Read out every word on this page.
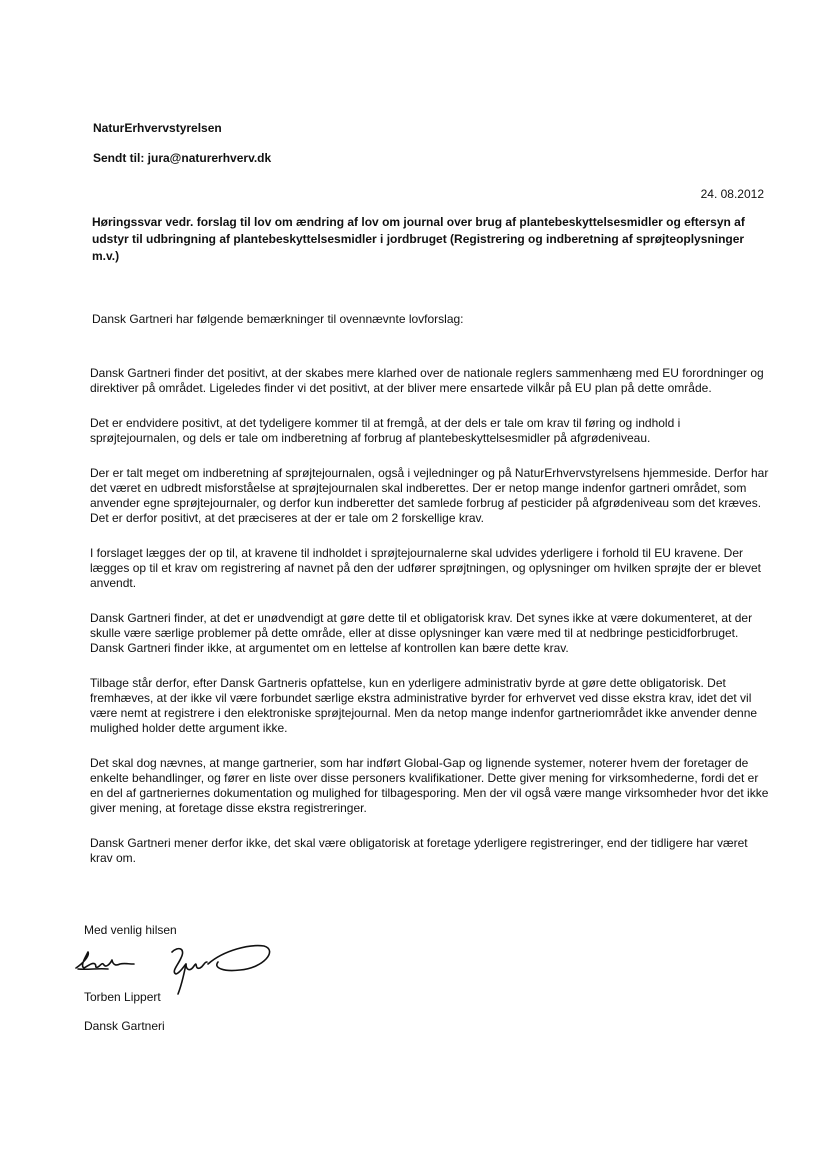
NaturErhvervstyrelsen
Sendt til: jura@naturerhverv.dk
24. 08.2012
Høringssvar vedr. forslag til lov om ændring af lov om journal over brug af plantebeskyttelsesmidler og eftersyn af udstyr til udbringning af plantebeskyttelsesmidler i jordbruget (Registrering og indberetning af sprøjteoplysninger m.v.)
Dansk Gartneri har følgende bemærkninger til ovennævnte lovforslag:

Dansk Gartneri finder det positivt, at der skabes mere klarhed over de nationale reglers sammenhæng med EU forordninger og direktiver på området. Ligeledes finder vi det positivt, at der bliver mere ensartede vilkår på EU plan på dette område.

Det er endvidere positivt, at det tydeligere kommer til at fremgå, at der dels er tale om krav til føring og indhold i sprøjtejournalen, og dels er tale om indberetning af forbrug af plantebeskyttelsesmidler på afgrødeniveau.

Der er talt meget om indberetning af sprøjtejournalen, også i vejledninger og på NaturErhvervstyrelsens hjemmeside. Derfor har det været en udbredt misforståelse at sprøjtejournalen skal indberettes. Der er netop mange indenfor gartneri området, som anvender egne sprøjtejournaler, og derfor kun indberetter det samlede forbrug af pesticider på afgrødeniveau som det kræves. Det er derfor positivt, at det præciseres at der er tale om 2 forskellige krav.

I forslaget lægges der op til, at kravene til indholdet i sprøjtejournalerne skal udvides yderligere i forhold til EU kravene. Der lægges op til et krav om registrering af navnet på den der udfører sprøjtningen, og oplysninger om hvilken sprøjte der er blevet anvendt.

Dansk Gartneri finder, at det er unødvendigt at gøre dette til et obligatorisk krav. Det synes ikke at være dokumenteret, at der skulle være særlige problemer på dette område, eller at disse oplysninger kan være med til at nedbringe pesticidforbruget. Dansk Gartneri finder ikke, at argumentet om en lettelse af kontrollen kan bære dette krav.

Tilbage står derfor, efter Dansk Gartneris opfattelse, kun en yderligere administrativ byrde at gøre dette obligatorisk. Det fremhæves, at der ikke vil være forbundet særlige ekstra administrative byrder for erhvervet ved disse ekstra krav, idet det vil være nemt at registrere i den elektroniske sprøjtejournal. Men da netop mange indenfor gartneriområdet ikke anvender denne mulighed holder dette argument ikke.

Det skal dog nævnes, at mange gartnerier, som har indført Global-Gap og lignende systemer, noterer hvem der foretager de enkelte behandlinger, og fører en liste over disse personers kvalifikationer. Dette giver mening for virksomhederne, fordi det er en del af gartneriernes dokumentation og mulighed for tilbagesporing. Men der vil også være mange virksomheder hvor det ikke giver mening, at foretage disse ekstra registreringer.

Dansk Gartneri mener derfor ikke, det skal være obligatorisk at foretage yderligere registreringer, end der tidligere har været krav om.

Med venlig hilsen
Torben Lippert
Dansk Gartneri
